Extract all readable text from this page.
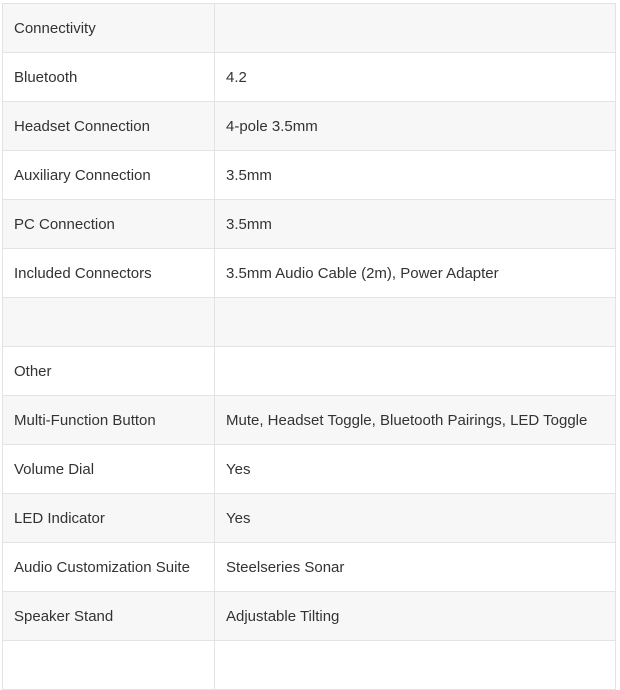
Connectivity	
Bluetooth	4.2
Headset Connection	4-pole 3.5mm
Auxiliary Connection	3.5mm
PC Connection	3.5mm
Included Connectors	3.5mm Audio Cable (2m), Power Adapter

Other	
Multi-Function Button	Mute, Headset Toggle, Bluetooth Pairings, LED Toggle
Volume Dial	Yes
LED Indicator	Yes
Audio Customization Suite	Steelseries Sonar
Speaker Stand	Adjustable Tilting
